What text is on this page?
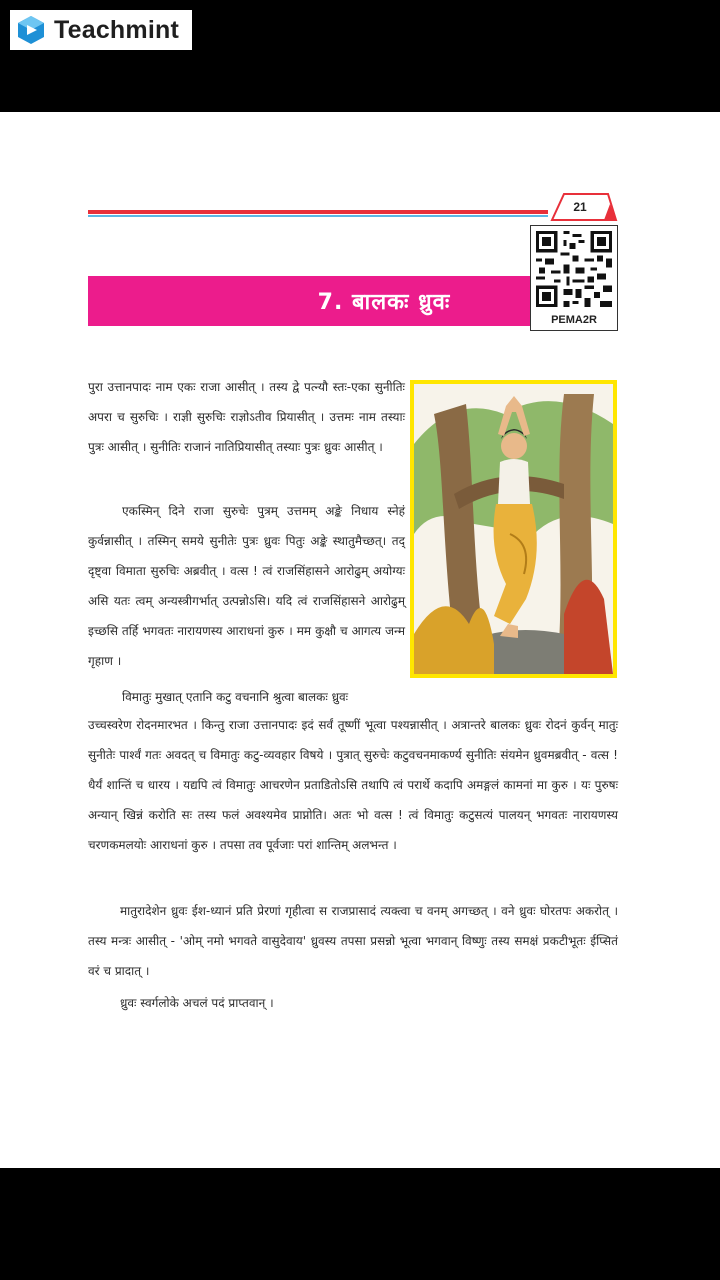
Teachmint
21
7. बालकः ध्रुवः
PEMA2R
पुरा उत्तानपादः नाम एकः राजा आसीत् । तस्य द्वे पत्न्यौ स्तः-एका सुनीतिः अपरा च सुरुचिः । राज्ञी सुरुचिः राज्ञोऽतीव प्रियासीत् । उत्तमः नाम तस्याः पुत्रः आसीत् । सुनीतिः राजानं नातिप्रियासीत् तस्याः पुत्रः ध्रुवः आसीत् ।
एकस्मिन् दिने राजा सुरुचेः पुत्रम् उत्तमम् अङ्के निधाय स्नेहं कुर्वन्नासीत् । तस्मिन् समये सुनीतेः पुत्रः ध्रुवः पितुः अङ्के स्थातुमैच्छत्। तद् दृष्ट्वा विमाता सुरुचिः अब्रवीत् । वत्स ! त्वं राजसिंहासने आरोढुम् अयोग्यः असि यतः त्वम् अन्यस्त्रीगर्भात् उत्पन्नोऽसि। यदि त्वं राजसिंहासने आरोढुम् इच्छसि तर्हि भगवतः नारायणस्य आराधनां कुरु । मम कुक्षौ च आगत्य जन्म गृहाण ।
विमातुः मुखात् एतानि कटु वचनानि श्रुत्वा बालकः ध्रुवः
उच्चस्वरेण रोदनमारभत । किन्तु राजा उत्तानपादः इदं सर्वं तूष्णीं भूत्वा पश्यन्नासीत् । अत्रान्तरे बालकः ध्रुवः रोदनं कुर्वन् मातुः सुनीतेः पार्श्वं गतः अवदत् च विमातुः कटु-व्यवहार विषये । पुत्रात् सुरुचेः कटुवचनमाकर्ण्य सुनीतिः संयमेन ध्रुवमब्रवीत् - वत्स ! धैर्यं शान्तिं च धारय । यद्यपि त्वं विमातुः आचरणेन प्रताडितोऽसि तथापि त्वं परार्थे कदापि अमङ्गलं कामनां मा कुरु । यः पुरुषः अन्यान् खिन्नं करोति सः तस्य फलं अवश्यमेव प्राप्नोति। अतः भो वत्स ! त्वं विमातुः कटुसत्यं पालयन् भगवतः नारायणस्य चरणकमलयोः आराधनां कुरु । तपसा तव पूर्वजाः परां शान्तिम् अलभन्त ।
मातुरादेशेन ध्रुवः ईश-ध्यानं प्रति प्रेरणां गृहीत्वा स राजप्रासादं त्यक्त्वा च वनम् अगच्छत् । वने ध्रुवः घोरतपः अकरोत् । तस्य मन्त्रः आसीत् - 'ओम् नमो भगवते वासुदेवाय' ध्रुवस्य तपसा प्रसन्नो भूत्वा भगवान् विष्णुः तस्य समक्षं प्रकटीभूतः ईप्सितं वरं च प्रादात् ।
ध्रुवः स्वर्गलोके अचलं पदं प्राप्तवान् ।
